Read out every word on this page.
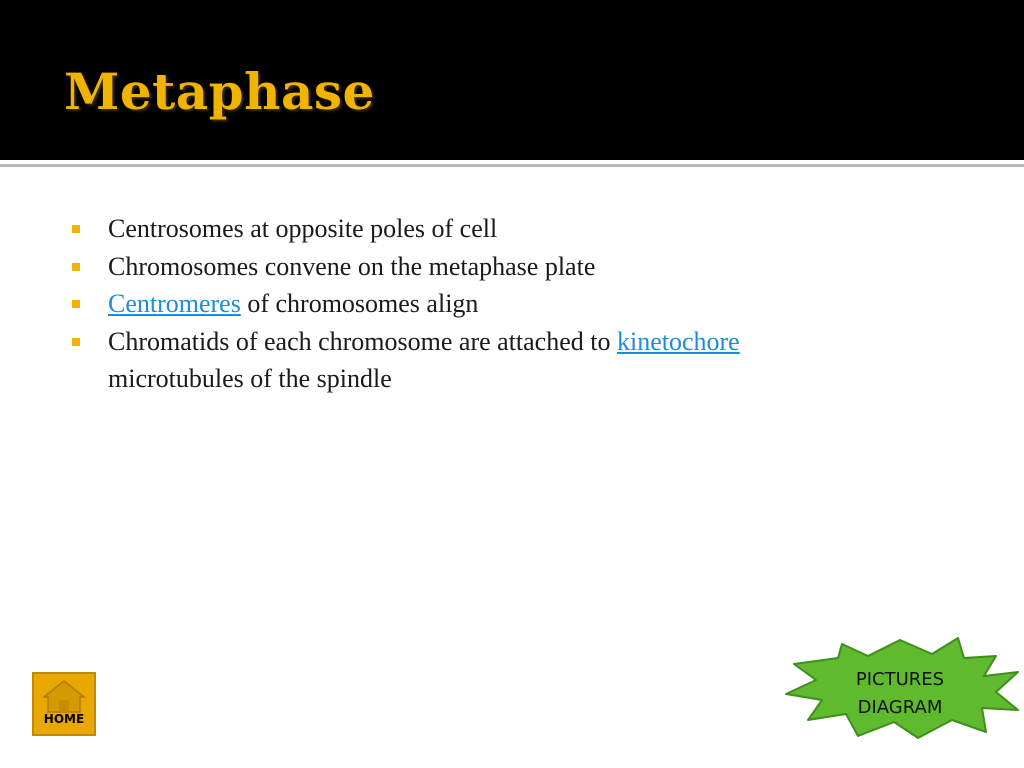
Metaphase
Centrosomes at opposite poles of cell
Chromosomes convene on the metaphase plate
Centromeres of chromosomes align
Chromatids of each chromosome are attached to kinetochore
microtubules of the spindle
HOME
PICTURES
DIAGRAM
